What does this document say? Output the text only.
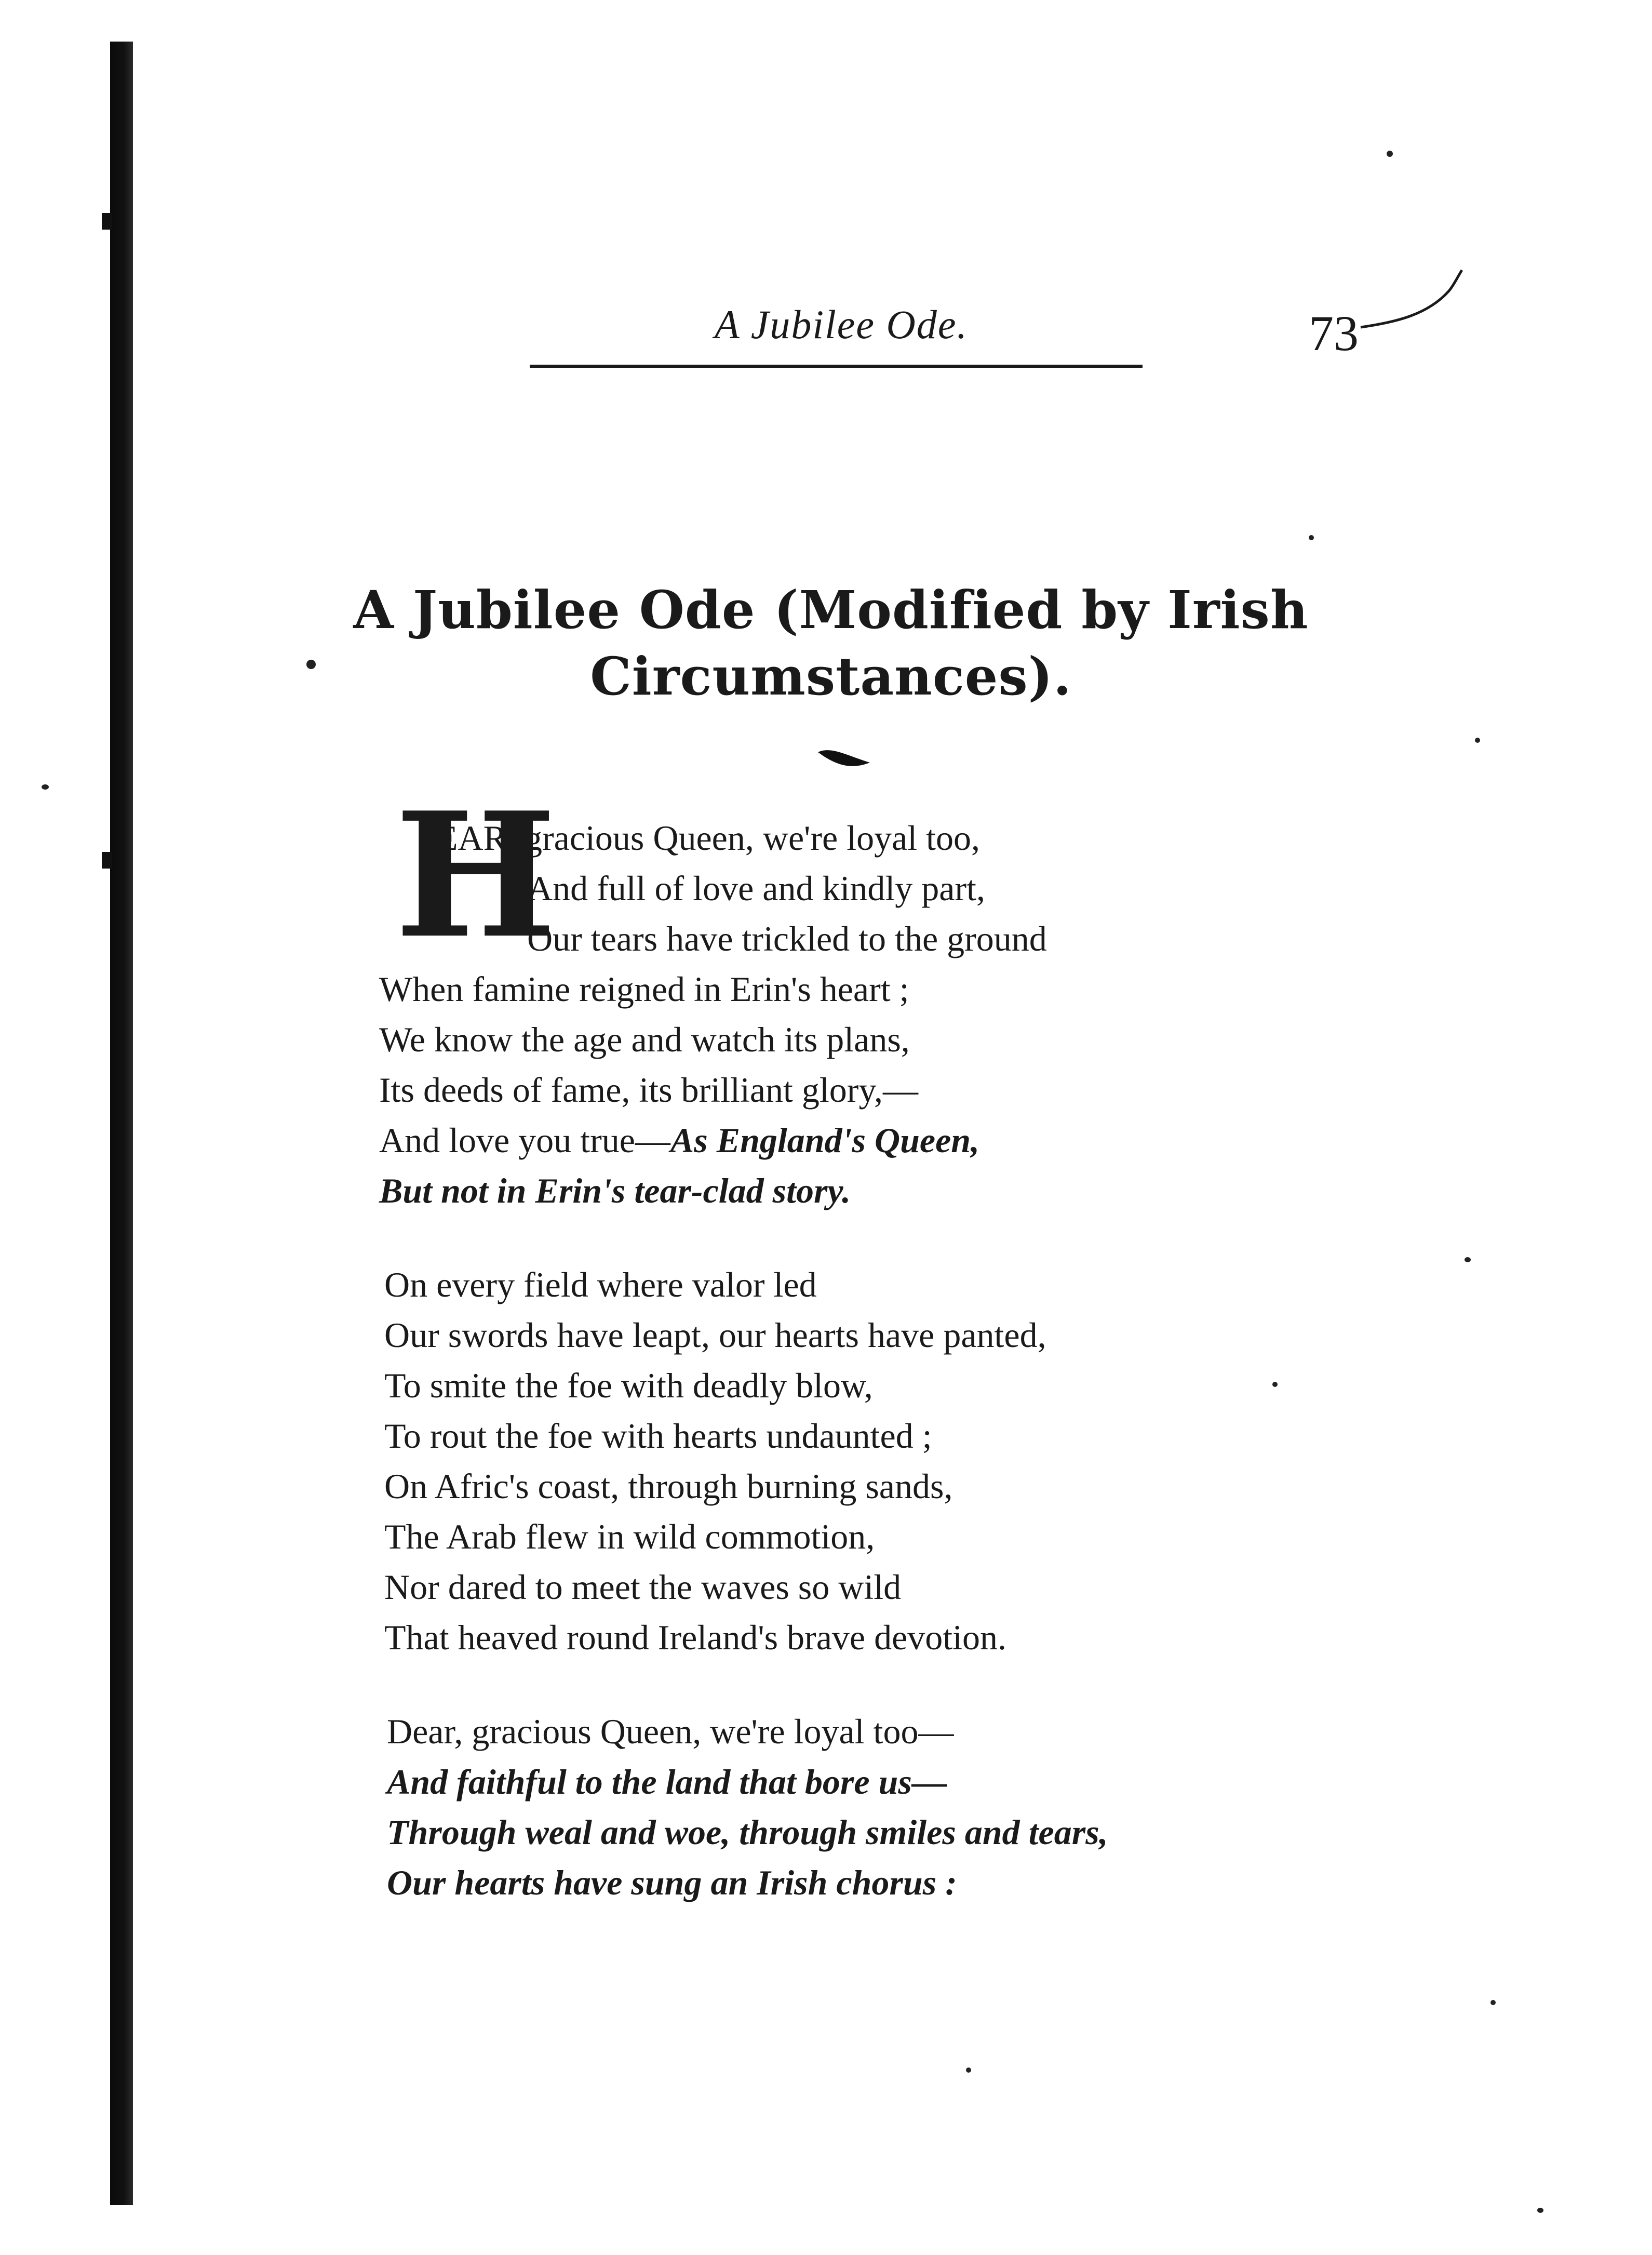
A Jubilee Ode.	73
A Jubilee Ode (Modified by Irish
Circumstances).
H
EAR, gracious Queen, we're loyal too,
And full of love and kindly part,
Our tears have trickled to the ground
When famine reigned in Erin's heart ;
We know the age and watch its plans,
Its deeds of fame, its brilliant glory,—
And love you true—As England's Queen,
But not in Erin's tear-clad story.
On every field where valor led
Our swords have leapt, our hearts have panted,
To smite the foe with deadly blow,
To rout the foe with hearts undaunted ;
On Afric's coast, through burning sands,
The Arab flew in wild commotion,
Nor dared to meet the waves so wild
That heaved round Ireland's brave devotion.
Dear, gracious Queen, we're loyal too—
And faithful to the land that bore us—
Through weal and woe, through smiles and tears,
Our hearts have sung an Irish chorus :
